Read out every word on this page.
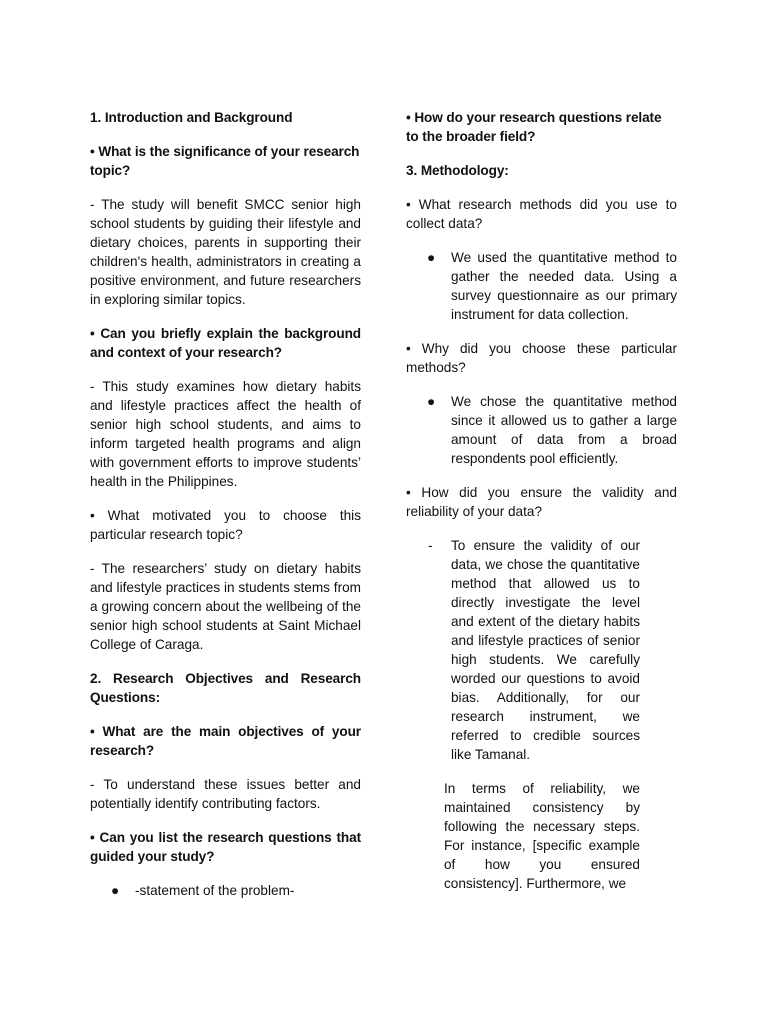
1. Introduction and Background

• What is the significance of your research topic?

- The study will benefit SMCC senior high school students by guiding their lifestyle and dietary choices, parents in supporting their children's health, administrators in creating a positive environment, and future researchers in exploring similar topics.

• Can you briefly explain the background and context of your research?

- This study examines how dietary habits and lifestyle practices affect the health of senior high school students, and aims to inform targeted health programs and align with government efforts to improve students’ health in the Philippines.

• What motivated you to choose this particular research topic?

- The researchers’ study on dietary habits and lifestyle practices in students stems from a growing concern about the wellbeing of the senior high school students at Saint Michael College of Caraga.

2. Research Objectives and Research Questions:

• What are the main objectives of your research?

- To understand these issues better and potentially identify contributing factors.

• Can you list the research questions that guided your study?

● -statement of the problem-

• How do your research questions relate to the broader field?

3. Methodology:

• What research methods did you use to collect data?

● We used the quantitative method to gather the needed data. Using a survey questionnaire as our primary instrument for data collection.

• Why did you choose these particular methods?

● We chose the quantitative method since it allowed us to gather a large amount of data from a broad respondents pool efficiently.

• How did you ensure the validity and reliability of your data?

- To ensure the validity of our data, we chose the quantitative method that allowed us to directly investigate the level and extent of the dietary habits and lifestyle practices of senior high students. We carefully worded our questions to avoid bias. Additionally, for our research instrument, we referred to credible sources like Tamanal.

In terms of reliability, we maintained consistency by following the necessary steps. For instance, [specific example of how you ensured consistency]. Furthermore, we
